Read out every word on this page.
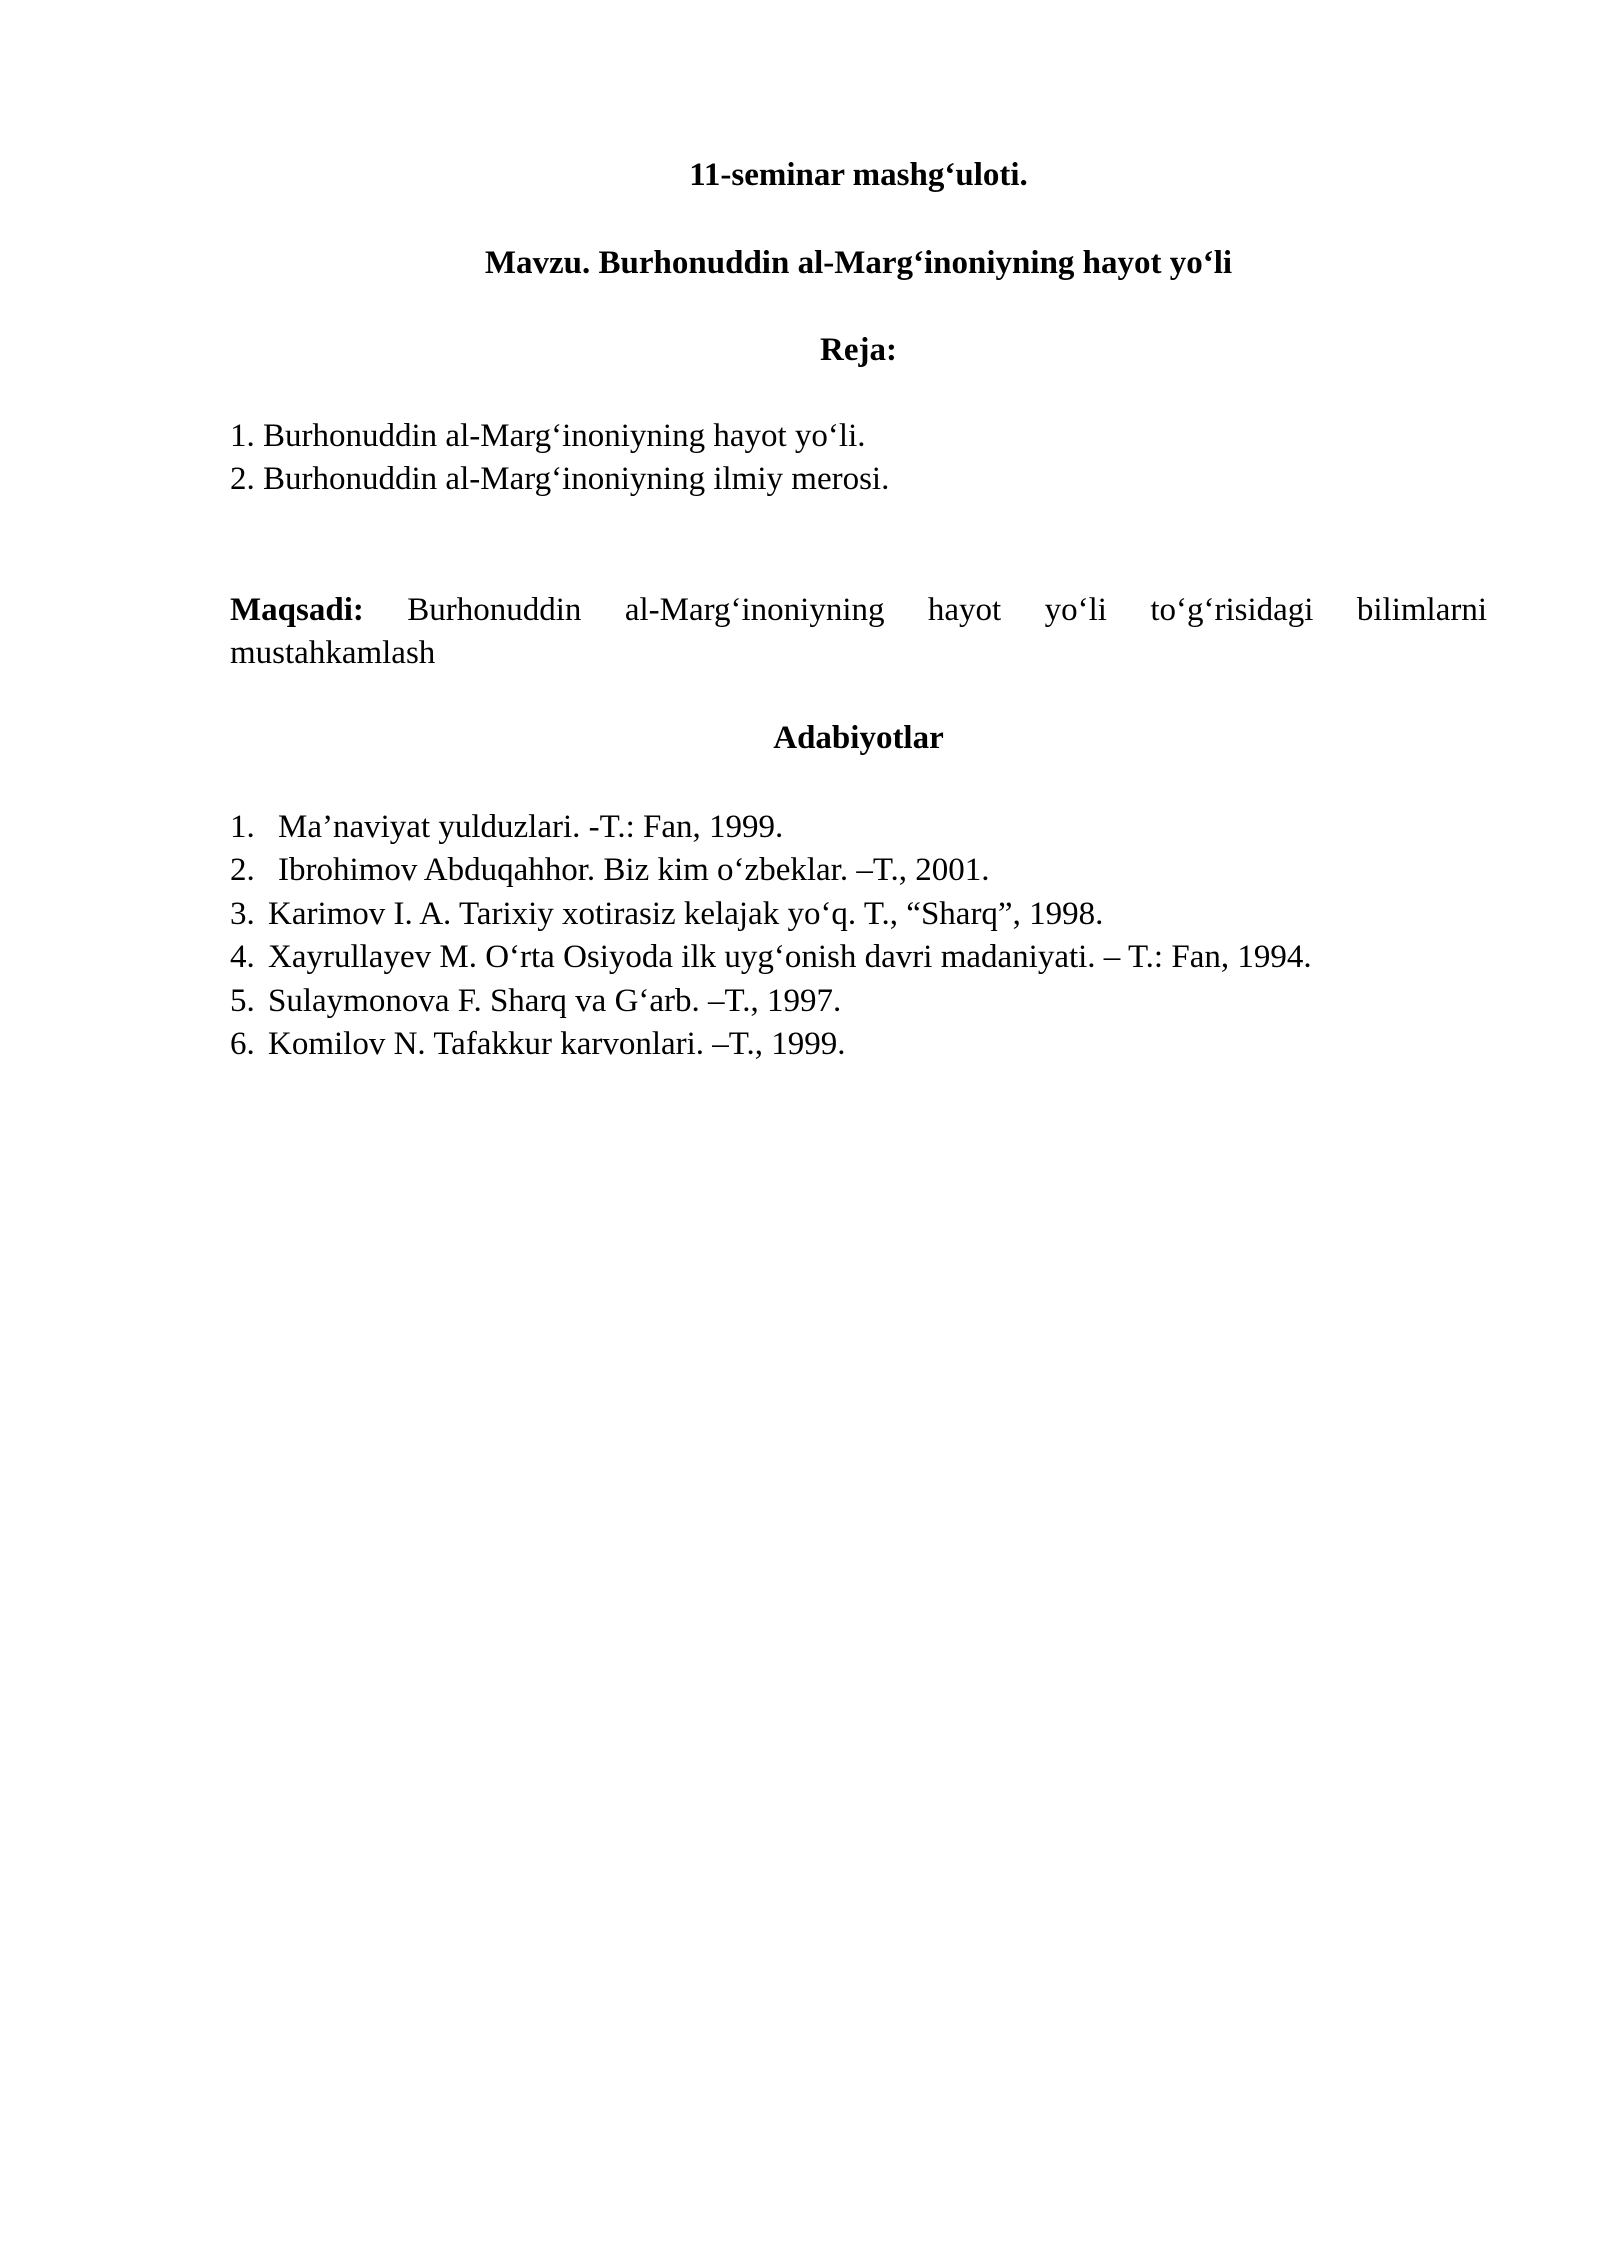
11-seminar mashgʻuloti.
Mavzu. Burhonuddin al-Margʻinoniyning hayot yoʻli
Reja:
1. Burhonuddin al-Margʻinoniyning hayot yoʻli.
2. Burhonuddin al-Margʻinoniyning ilmiy merosi.

Maqsadi: Burhonuddin al-Margʻinoniyning hayot yoʻli toʻgʻrisidagi bilimlarni mustahkamlash

Adabiyotlar
1. Ma’naviyat yulduzlari. -T.: Fan, 1999.
2. Ibrohimov Abduqahhor. Biz kim oʻzbeklar. –T., 2001.
3. Karimov I. A. Tarixiy xotirasiz kelajak yoʻq. T., “Sharq”, 1998.
4. Xayrullayev M. Oʻrta Osiyoda ilk uygʻonish davri madaniyati. – T.: Fan, 1994.
5. Sulaymonova F. Sharq va Gʻarb. –T., 1997.
6. Komilov N. Tafakkur karvonlari. –T., 1999.
